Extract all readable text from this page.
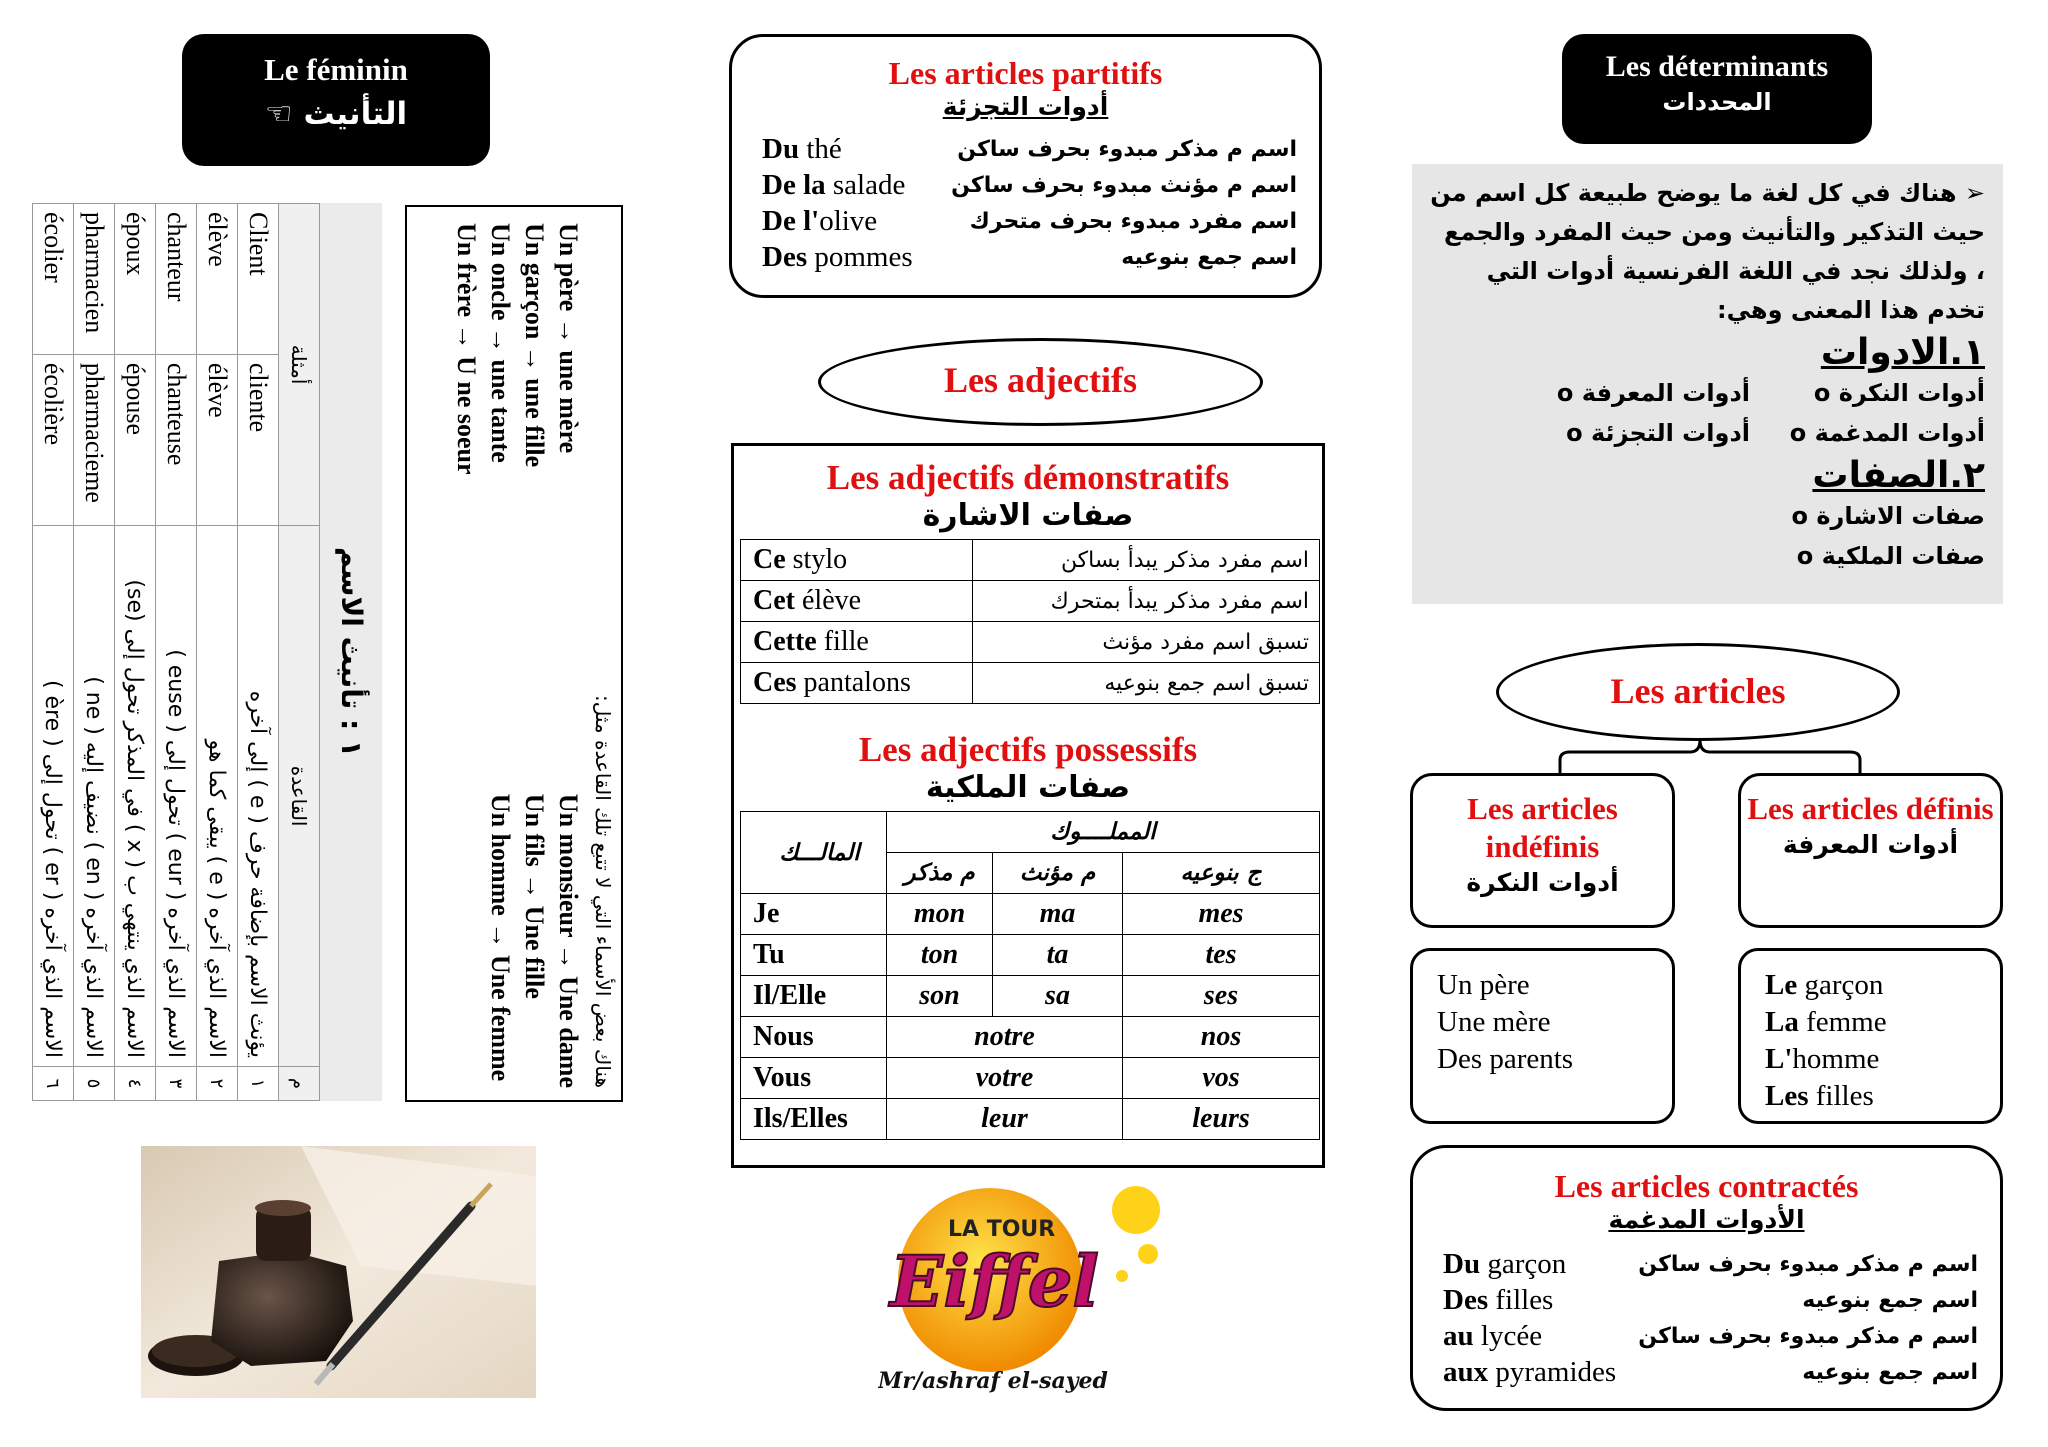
Le féminin
التأنيث ☜
١ : تأنيث الاسم
أمثلة		القاعدة	م
Client	cliente	يؤنث الاسم بإضافة حرف ( e ) إلى آخره	١
élève	élève	الاسم الذي آخره ( e ) يبقى كما هو	٢
chanteur	chanteuse	الاسم الذي آخره ( eur ) تحول إلى ( euse )	٣
époux	épouse	الاسم الذي ينتهي ب ( x ) في المذكر تحول إلى (se)	٤
pharmacien	pharmacieme	الاسم الذي آخره ( en ) نضيف إليه ( ne )	٥
écolier	écolière	الاسم الذي آخره ( er ) تحول إلى ( ère )	٦	هناك بعض الأسماء التي لا تتبع تلك القاعدة مثل:
Un père → une mère
Un garçon → une fille
Un oncle → une tante
Un frère → U ne soeur
Un monsieur → Une dame
Un fils → Une fille
Un homme → Une femme
Les articles partitifs
أدوات التجزئة
Du thé	اسم م مذكر مبدوء بحرف ساكن
De la salade اسم م مؤنث مبدوء بحرف ساكن
De l'olive	اسم مفرد مبدوء بحرف متحرك
Des pommes	اسم جمع بنوعيه
Les adjectifs
Les adjectifs démonstratifs
صفات الاشارة
Ce stylo	اسم مفرد مذكر يبدأ بساكن
Cet élève	اسم مفرد مذكر يبدأ بمتحرك
Cette fille	تسبق اسم مفرد مؤنث
Ces pantalons	تسبق اسم جمع بنوعيه
Les adjectifs possessifs
صفات الملكية
المالـــك	المملــــوك		
	م مذكر	م مؤنث	ج بنوعيه
Je	mon	ma	mes
Tu	ton	ta	tes
Il/Elle	son	sa	ses
Nous	notre		nos
Vous	votre		vos
Ils/Elles	leur		leurs
LA TOUR
Eiffel
Mr/ashraf el-sayed
Les déterminants
المحددات
➢ هناك في كل لغة ما يوضح طبيعة كل اسم من حيث التذكير والتأنيث ومن حيث المفرد والجمع ، ولذلك نجد في اللغة الفرنسية أدوات التي تخدم هذا المعنى وهي:
١.الادوات
أدوات النكرة o
أدوات المعرفة o
أدوات المدغمة o
أدوات التجزئة o
٢.الصفات
صفات الاشارة o
صفات الملكية o
Les articles
Les articles indéfinis
أدوات النكرة
Les articles définis
أدوات المعرفة
Un père
Une mère
Des parents
Le garçon
La femme
L'homme
Les filles
Les articles contractés
الأدوات المدغمة
Du garçon	اسم م مذكر مبدوء بحرف ساكن
Des filles	اسم جمع بنوعيه
au lycée	اسم م مذكر مبدوء بحرف ساكن
aux pyramides	اسم جمع بنوعيه
